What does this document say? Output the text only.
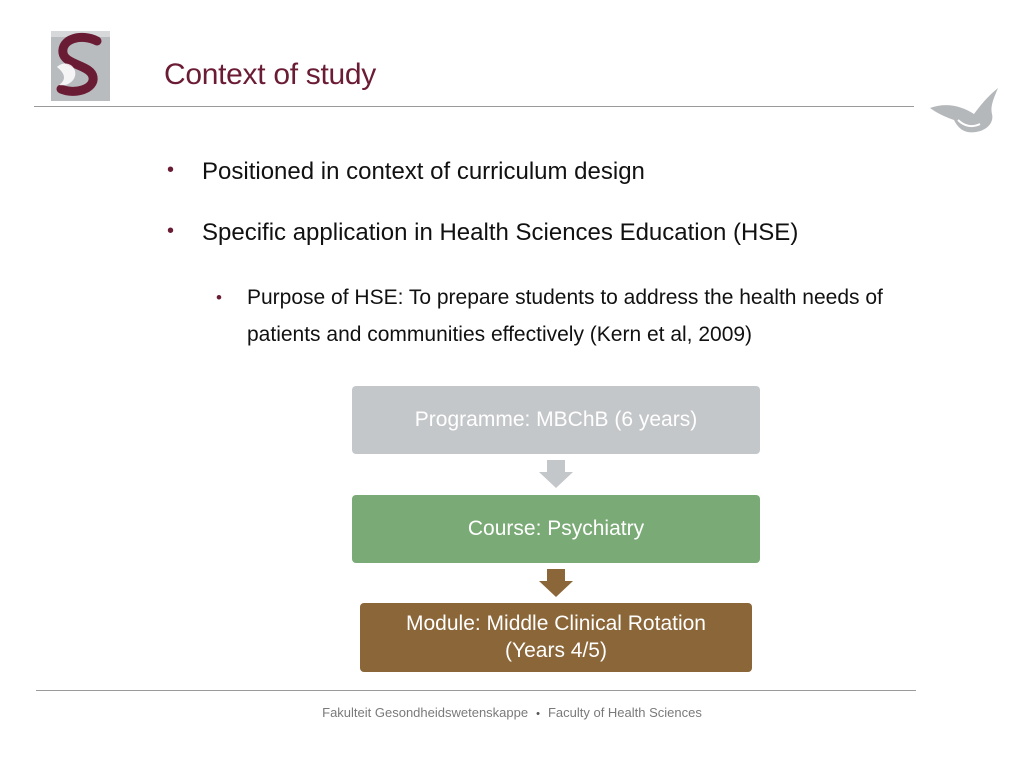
Context of study
• Positioned in context of curriculum design
• Specific application in Health Sciences Education (HSE)
• Purpose of HSE: To prepare students to address the health needs of patients and communities effectively (Kern et al, 2009)
Programme: MBChB (6 years)
Course: Psychiatry
Module: Middle Clinical Rotation
(Years 4/5)
Fakulteit Gesondheidswetenskappe • Faculty of Health Sciences
